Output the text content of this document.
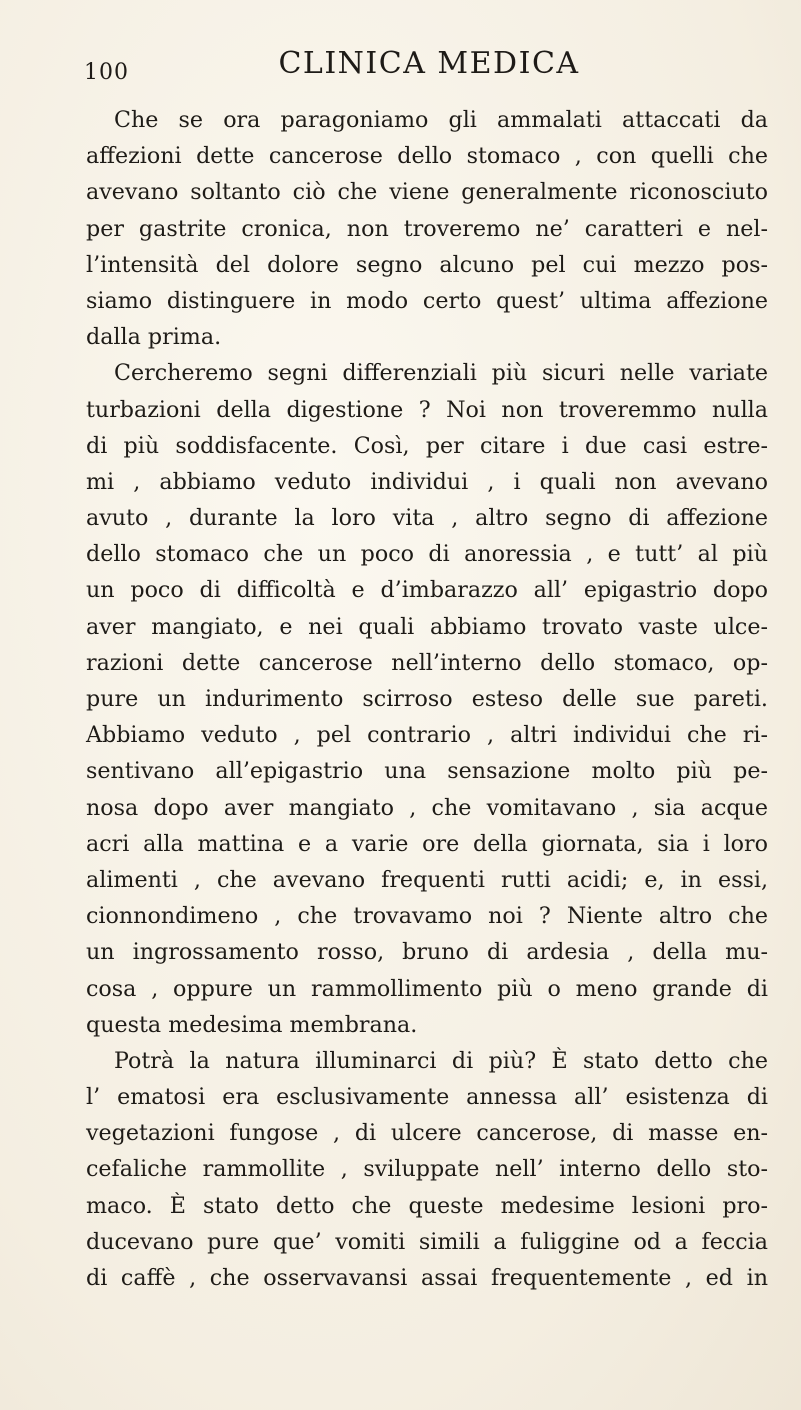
100	CLINICA MEDICA
Che se ora paragoniamo gli ammalati attaccati da
affezioni dette cancerose dello stomaco , con quelli che
avevano soltanto ciò che viene generalmente riconosciuto
per gastrite cronica, non troveremo ne’ caratteri e nel-
l’intensità del dolore segno alcuno pel cui mezzo pos-
siamo distinguere in modo certo quest’ ultima affezione
dalla prima.
Cercheremo segni differenziali più sicuri nelle variate
turbazioni della digestione ? Noi non troveremmo nulla
di più soddisfacente. Così, per citare i due casi estre-
mi , abbiamo veduto individui , i quali non avevano
avuto , durante la loro vita , altro segno di affezione
dello stomaco che un poco di anoressia , e tutt’ al più
un poco di difficoltà e d’imbarazzo all’ epigastrio dopo
aver mangiato, e nei quali abbiamo trovato vaste ulce-
razioni dette cancerose nell’interno dello stomaco, op-
pure un indurimento scirroso esteso delle sue pareti.
Abbiamo veduto , pel contrario , altri individui che ri-
sentivano all’epigastrio una sensazione molto più pe-
nosa dopo aver mangiato , che vomitavano , sia acque
acri alla mattina e a varie ore della giornata, sia i loro
alimenti , che avevano frequenti rutti acidi; e, in essi,
cionnondimeno , che trovavamo noi ? Niente altro che
un ingrossamento rosso, bruno di ardesia , della mu-
cosa , oppure un rammollimento più o meno grande di
questa medesima membrana.
Potrà la natura illuminarci di più? È stato detto che
l’ ematosi era esclusivamente annessa all’ esistenza di
vegetazioni fungose , di ulcere cancerose, di masse en-
cefaliche rammollite , sviluppate nell’ interno dello sto-
maco. È stato detto che queste medesime lesioni pro-
ducevano pure que’ vomiti simili a fuliggine od a feccia
di caffè , che osservavansi assai frequentemente , ed in
